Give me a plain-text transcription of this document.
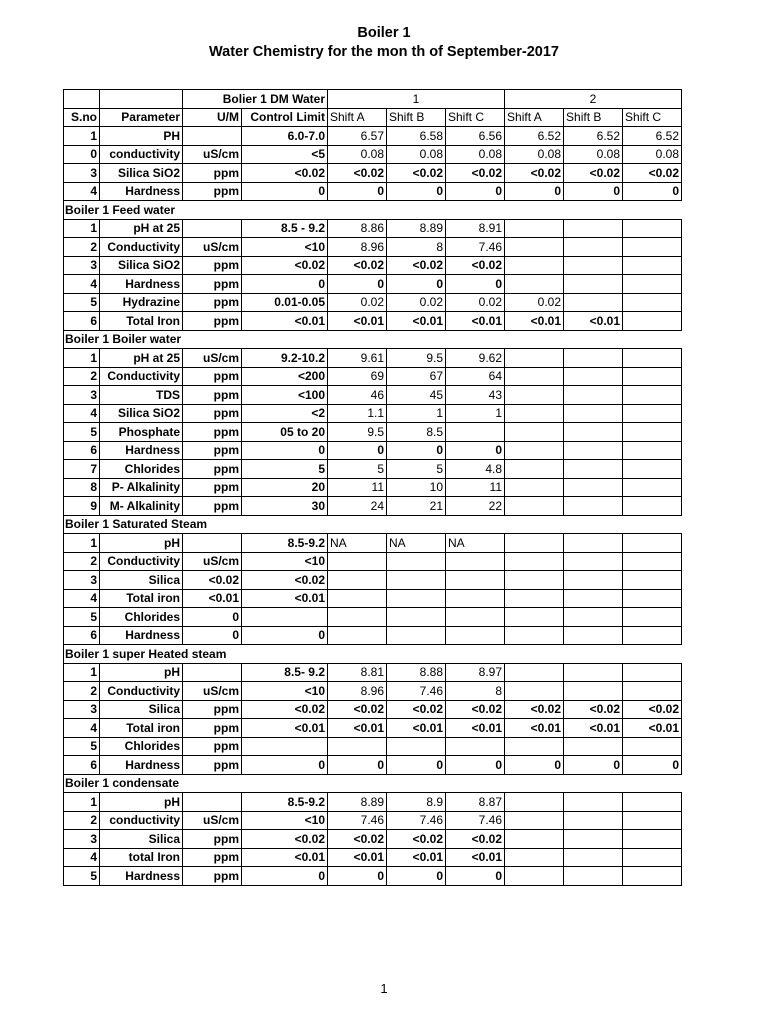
Boiler 1
Water Chemistry for the mon th of September-2017
		Bolier 1 DM Water		1			2		
S.no	Parameter	U/M	Control Limit	Shift A	Shift B	Shift C	Shift A	Shift B	Shift C
1	PH		6.0-7.0	6.57	6.58	6.56	6.52	6.52	6.52
0	conductivity	uS/cm	<5	0.08	0.08	0.08	0.08	0.08	0.08
3	Silica SiO2	ppm	<0.02	<0.02	<0.02	<0.02	<0.02	<0.02	<0.02
4	Hardness	ppm	0	0	0	0	0	0	0
Boiler 1 Feed water									
1	pH at 25		8.5 - 9.2	8.86	8.89	8.91			
2	Conductivity	uS/cm	<10	8.96	8	7.46			
3	Silica SiO2	ppm	<0.02	<0.02	<0.02	<0.02			
4	Hardness	ppm	0	0	0	0			
5	Hydrazine	ppm	0.01-0.05	0.02	0.02	0.02	0.02		
6	Total Iron	ppm	<0.01	<0.01	<0.01	<0.01	<0.01	<0.01	
Boiler 1 Boiler water									
1	pH at 25	uS/cm	9.2-10.2	9.61	9.5	9.62			
2	Conductivity	ppm	<200	69	67	64			
3	TDS	ppm	<100	46	45	43			
4	Silica SiO2	ppm	<2	1.1	1	1			
5	Phosphate	ppm	05 to 20	9.5	8.5				
6	Hardness	ppm	0	0	0	0			
7	Chlorides	ppm	5	5	5	4.8			
8	P- Alkalinity	ppm	20	11	10	11			
9	M- Alkalinity	ppm	30	24	21	22			
Boiler 1 Saturated Steam									
1	pH		8.5-9.2	NA	NA	NA			
2	Conductivity	uS/cm	<10						
3	Silica	<0.02	<0.02						
4	Total iron	<0.01	<0.01						
5	Chlorides	0							
6	Hardness	0	0						
Boiler 1 super Heated steam									
1	pH		8.5- 9.2	8.81	8.88	8.97			
2	Conductivity	uS/cm	<10	8.96	7.46	8			
3	Silica	ppm	<0.02	<0.02	<0.02	<0.02	<0.02	<0.02	<0.02
4	Total iron	ppm	<0.01	<0.01	<0.01	<0.01	<0.01	<0.01	<0.01
5	Chlorides	ppm							
6	Hardness	ppm	0	0	0	0	0	0	0
Boiler 1 condensate									
1	pH		8.5-9.2	8.89	8.9	8.87			
2	conductivity	uS/cm	<10	7.46	7.46	7.46			
3	Silica	ppm	<0.02	<0.02	<0.02	<0.02			
4	total Iron	ppm	<0.01	<0.01	<0.01	<0.01			
5	Hardness	ppm	0	0	0	0			
1
